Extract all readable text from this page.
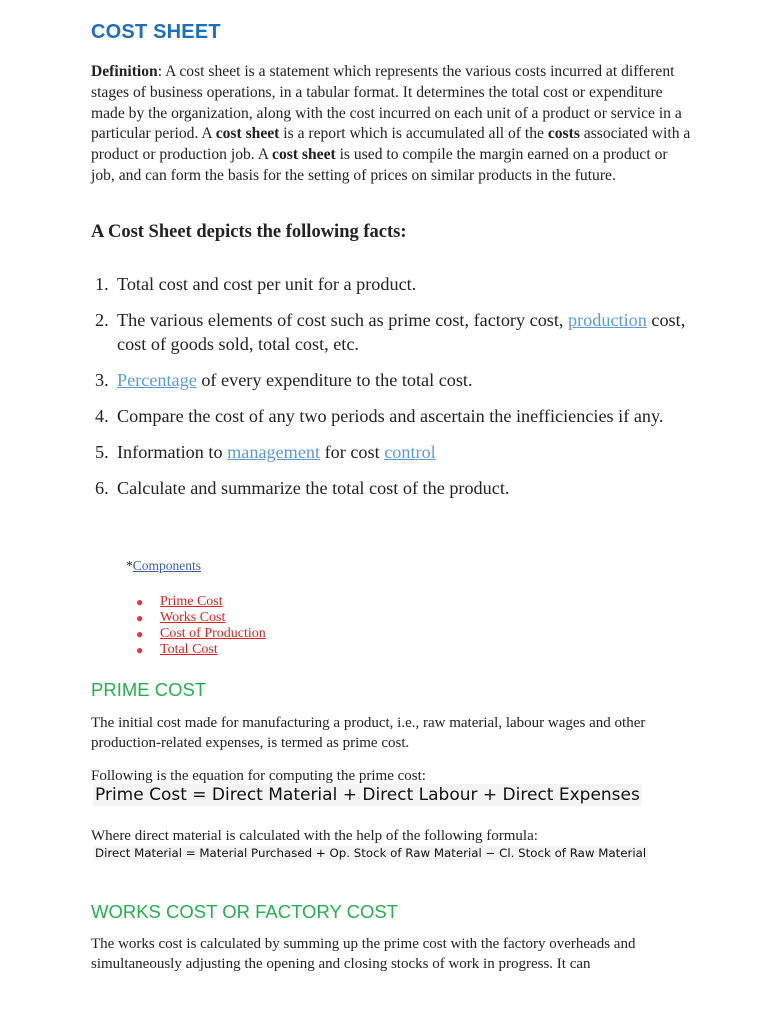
COST SHEET
Definition: A cost sheet is a statement which represents the various costs incurred at different stages of business operations, in a tabular format. It determines the total cost or expenditure made by the organization, along with the cost incurred on each unit of a product or service in a particular period. A cost sheet is a report which is accumulated all of the costs associated with a product or production job. A cost sheet is used to compile the margin earned on a product or job, and can form the basis for the setting of prices on similar products in the future.
A Cost Sheet depicts the following facts:
1. Total cost and cost per unit for a product.
2. The various elements of cost such as prime cost, factory cost, production cost, cost of goods sold, total cost, etc.
3. Percentage of every expenditure to the total cost.
4. Compare the cost of any two periods and ascertain the inefficiencies if any.
5. Information to management for cost control
6. Calculate and summarize the total cost of the product.
*Components
● Prime Cost
● Works Cost
● Cost of Production
● Total Cost
PRIME COST
The initial cost made for manufacturing a product, i.e., raw material, labour wages and other production-related expenses, is termed as prime cost.
Following is the equation for computing the prime cost:
Prime Cost = Direct Material + Direct Labour + Direct Expenses
Where direct material is calculated with the help of the following formula:
Direct Material = Material Purchased + Op. Stock of Raw Material − Cl. Stock of Raw Material
WORKS COST OR FACTORY COST
The works cost is calculated by summing up the prime cost with the factory overheads and simultaneously adjusting the opening and closing stocks of work in progress. It can
